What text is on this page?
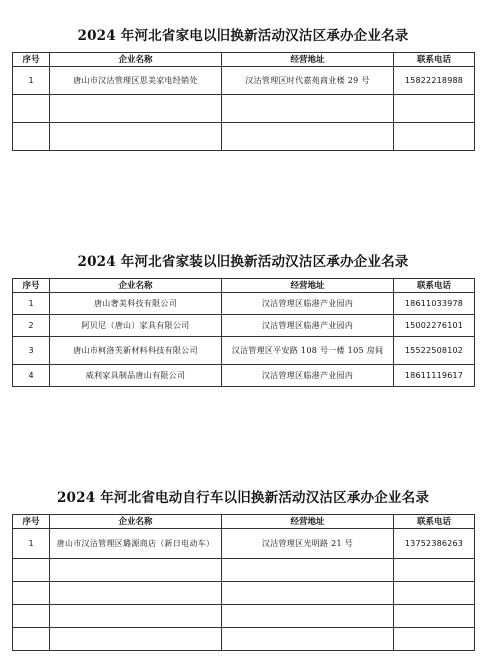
2024 年河北省家电以旧换新活动汉沽区承办企业名录
序号	企业名称	经营地址	联系电话
1	唐山市汉沽管理区思美家电经销处	汉沽管理区时代嘉苑商业楼 29 号	15822218988

2024 年河北省家装以旧换新活动汉沽区承办企业名录
序号	企业名称	经营地址	联系电话
1	唐山奢美科技有限公司	汉沽管理区临港产业园内	18611033978
2	阿贝尼（唐山）家具有限公司	汉沽管理区临港产业园内	15002276101
3	唐山市柯洛芙新材料科技有限公司	汉沽管理区平安路 108 号一楼 105 房间	15522508102
4	威利家具制品唐山有限公司	汉沽管理区临港产业园内	18611119617
2024 年河北省电动自行车以旧换新活动汉沽区承办企业名录
序号	企业名称	经营地址	联系电话
1	唐山市汉沽管理区璐源商店（新日电动车）	汉沽管理区光明路 21 号	13752386263
